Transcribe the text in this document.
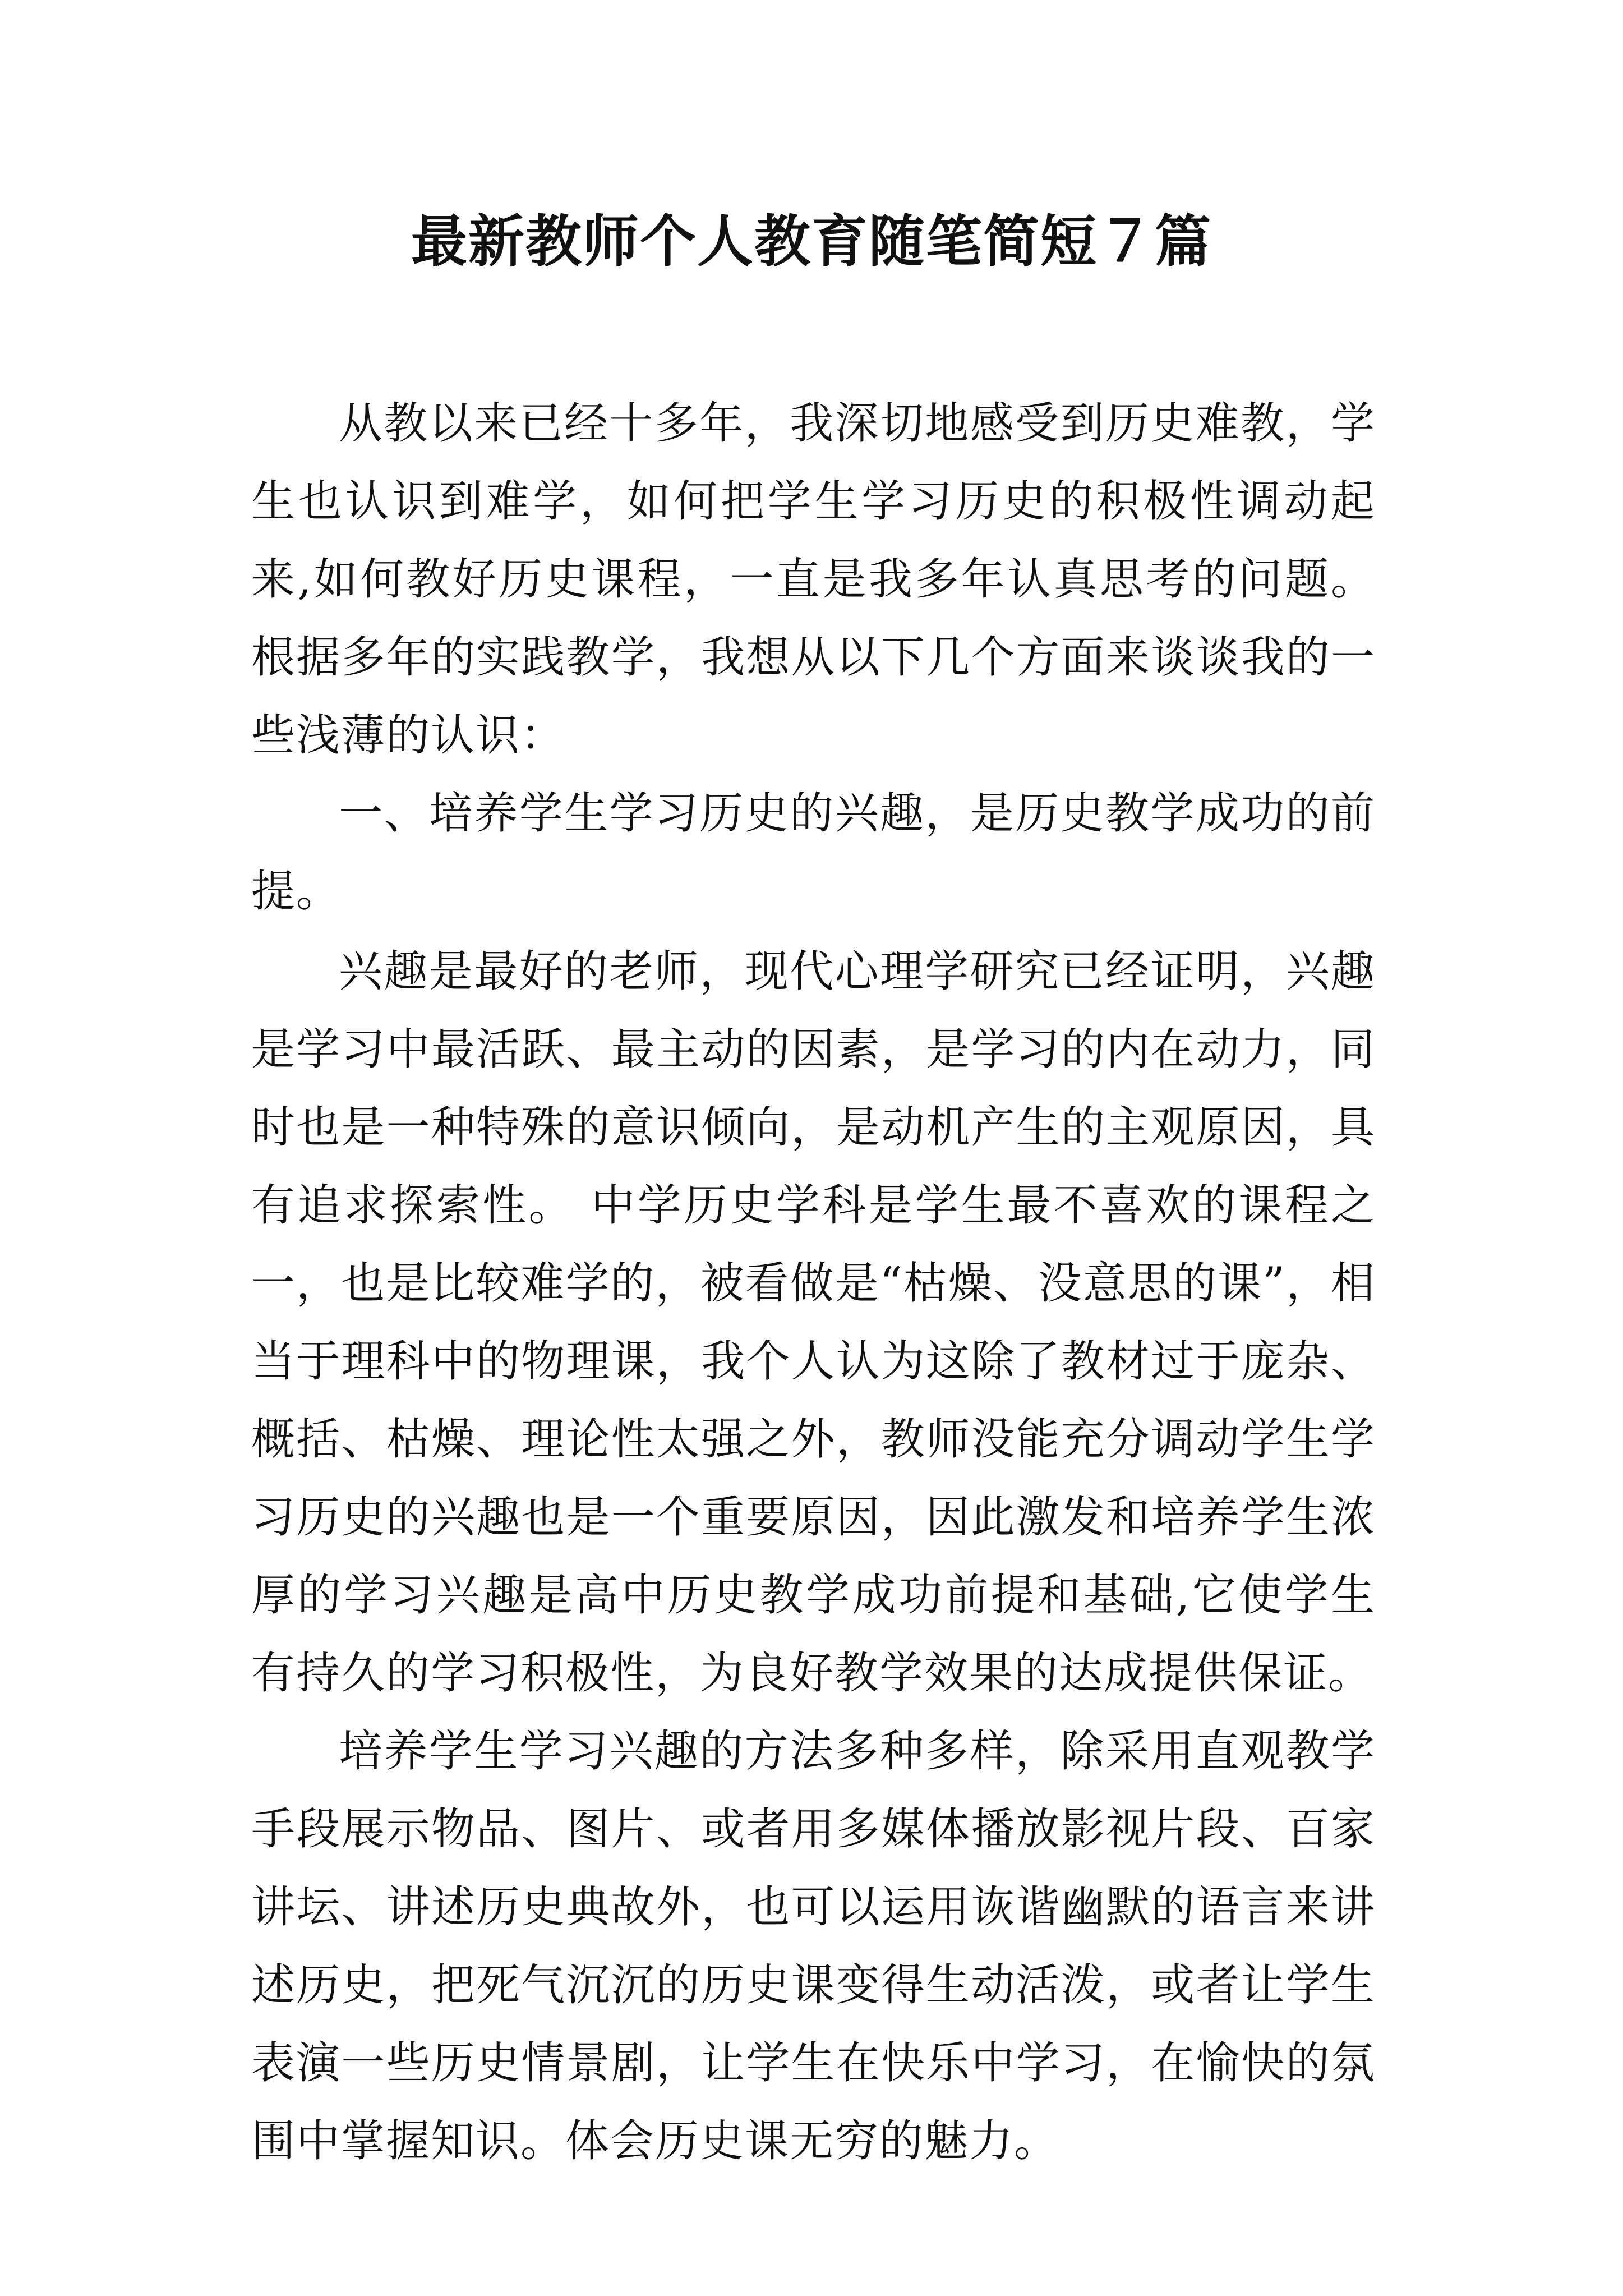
最新教师个人教育随笔简短７篇

从教以来已经十多年，我深切地感受到历史难教，学生也认识到难学，如何把学生学习历史的积极性调动起来,如何教好历史课程，一直是我多年认真思考的问题。根据多年的实践教学，我想从以下几个方面来谈谈我的一些浅薄的认识：

一、培养学生学习历史的兴趣，是历史教学成功的前提。

兴趣是最好的老师，现代心理学研究已经证明，兴趣是学习中最活跃、最主动的因素，是学习的内在动力，同时也是一种特殊的意识倾向，是动机产生的主观原因，具有追求探索性。 中学历史学科是学生最不喜欢的课程之一，也是比较难学的，被看做是“枯燥、没意思的课”，相当于理科中的物理课，我个人认为这除了教材过于庞杂、概括、枯燥、理论性太强之外，教师没能充分调动学生学习历史的兴趣也是一个重要原因，因此激发和培养学生浓厚的学习兴趣是高中历史教学成功前提和基础,它使学生有持久的学习积极性，为良好教学效果的达成提供保证。

培养学生学习兴趣的方法多种多样，除采用直观教学手段展示物品、图片、或者用多媒体播放影视片段、百家讲坛、讲述历史典故外，也可以运用诙谐幽默的语言来讲述历史，把死气沉沉的历史课变得生动活泼，或者让学生表演一些历史情景剧，让学生在快乐中学习，在愉快的氛围中掌握知识。体会历史课无穷的魅力。
